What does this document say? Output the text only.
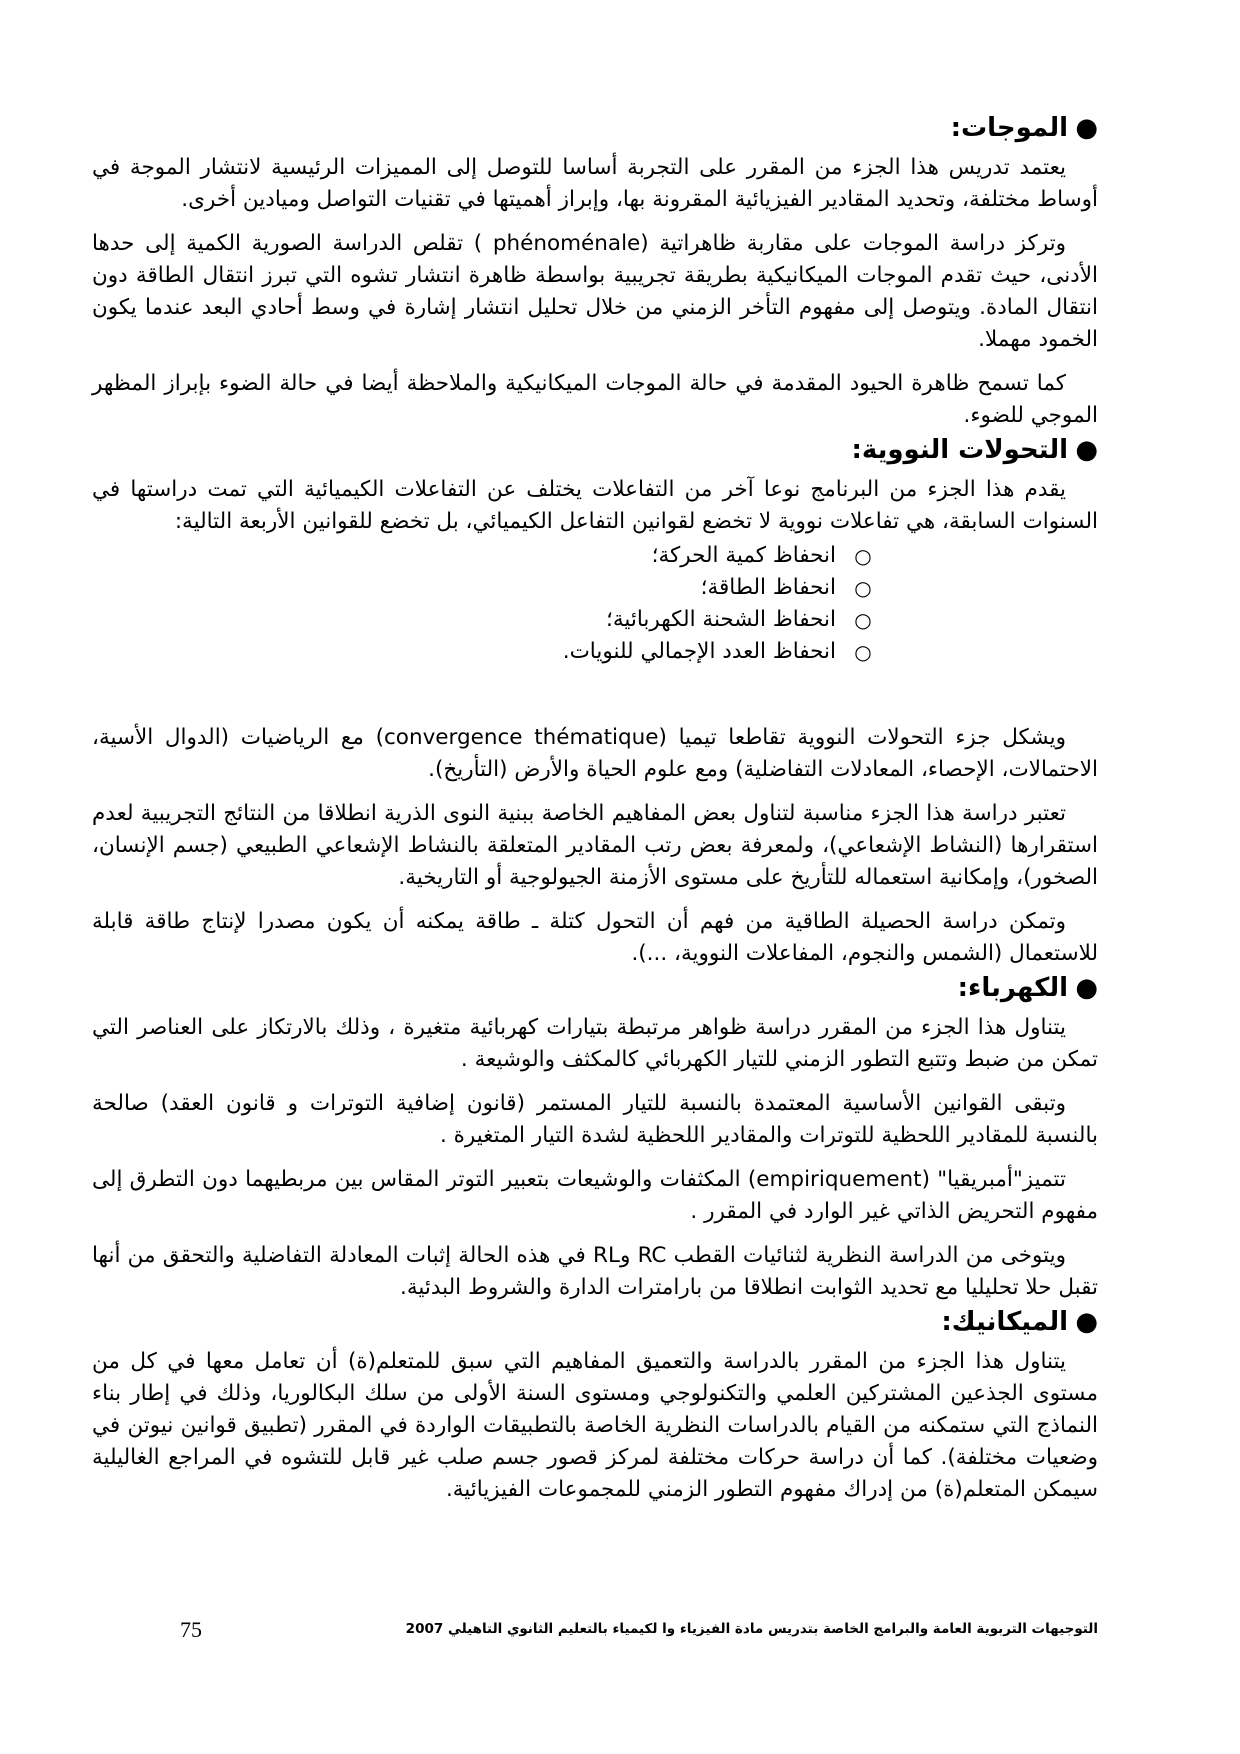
●
الموجات:

يعتمد تدريس هذا الجزء من المقرر على التجربة أساسا للتوصل إلى المميزات الرئيسية لانتشار الموجة في أوساط مختلفة، وتحديد المقادير الفيزيائية المقرونة بها، وإبراز أهميتها في تقنيات التواصل وميادين أخرى.

وتركز دراسة الموجات على مقاربة ظاهراتية (phénoménale ) تقلص الدراسة الصورية الكمية إلى حدها الأدنى، حيث تقدم الموجات الميكانيكية بطريقة تجريبية بواسطة ظاهرة انتشار تشوه التي تبرز انتقال الطاقة دون انتقال المادة. ويتوصل إلى مفهوم التأخر الزمني من خلال تحليل انتشار إشارة في وسط أحادي البعد عندما يكون الخمود مهملا.

كما تسمح ظاهرة الحيود المقدمة في حالة الموجات الميكانيكية والملاحظة أيضا في حالة الضوء بإبراز المظهر الموجي للضوء.

●
التحولات النووية:

يقدم هذا الجزء من البرنامج نوعا آخر من التفاعلات يختلف عن التفاعلات الكيميائية التي تمت دراستها في السنوات السابقة، هي تفاعلات نووية لا تخضع لقوانين التفاعل الكيميائي، بل تخضع للقوانين الأربعة التالية:

○
انحفاظ كمية الحركة؛
○
انحفاظ الطاقة؛
○
انحفاظ الشحنة الكهربائية؛
○
انحفاظ العدد الإجمالي للنويات.

ويشكل جزء التحولات النووية تقاطعا تيميا (convergence thématique) مع الرياضيات (الدوال الأسية، الاحتمالات، الإحصاء، المعادلات التفاضلية) ومع علوم الحياة والأرض (التأريخ).

تعتبر دراسة هذا الجزء مناسبة لتناول بعض المفاهيم الخاصة ببنية النوى الذرية انطلاقا من النتائج التجريبية لعدم استقرارها (النشاط الإشعاعي)، ولمعرفة بعض رتب المقادير المتعلقة بالنشاط الإشعاعي الطبيعي (جسم الإنسان، الصخور)، وإمكانية استعماله للتأريخ على مستوى الأزمنة الجيولوجية أو التاريخية.

وتمكن دراسة الحصيلة الطاقية من فهم أن التحول كتلة ـ طاقة يمكنه أن يكون مصدرا لإنتاج طاقة قابلة للاستعمال (الشمس والنجوم، المفاعلات النووية، ...).

●
الكهرباء:

يتناول هذا الجزء من المقرر دراسة ظواهر مرتبطة بتيارات كهربائية متغيرة ، وذلك بالارتكاز على العناصر التي تمكن من ضبط وتتبع التطور الزمني للتيار الكهربائي كالمكثف والوشيعة .

وتبقى القوانين الأساسية المعتمدة بالنسبة للتيار المستمر (قانون إضافية التوترات و قانون العقد) صالحة بالنسبة للمقادير اللحظية للتوترات والمقادير اللحظية لشدة التيار المتغيرة .

تتميز"أمبريقيا" (empiriquement) المكثفات والوشيعات بتعبير التوتر المقاس بين مربطيهما دون التطرق إلى مفهوم التحريض الذاتي غير الوارد في المقرر .

ويتوخى من الدراسة النظرية لثنائيات القطب RC وRL في هذه الحالة إثبات المعادلة التفاضلية والتحقق من أنها تقبل حلا تحليليا مع تحديد الثوابت انطلاقا من بارامترات الدارة والشروط البدئية.

●
الميكانيك:

يتناول هذا الجزء من المقرر بالدراسة والتعميق المفاهيم التي سبق للمتعلم(ة) أن تعامل معها في كل من مستوى الجذعين المشتركين العلمي والتكنولوجي ومستوى السنة الأولى من سلك البكالوريا، وذلك في إطار بناء النماذج التي ستمكنه من القيام بالدراسات النظرية الخاصة بالتطبيقات الواردة في المقرر (تطبيق قوانين نيوتن في وضعيات مختلفة). كما أن دراسة حركات مختلفة لمركز قصور جسم صلب غير قابل للتشوه في المراجع الغاليلية سيمكن المتعلم(ة) من إدراك مفهوم التطور الزمني للمجموعات الفيزيائية.

التوجيهات التربوية العامة والبرامج الخاصة بتدريس مادة الفيزياء وا لكيمياء بالتعليم الثانوي التاهيلي 2007
75
